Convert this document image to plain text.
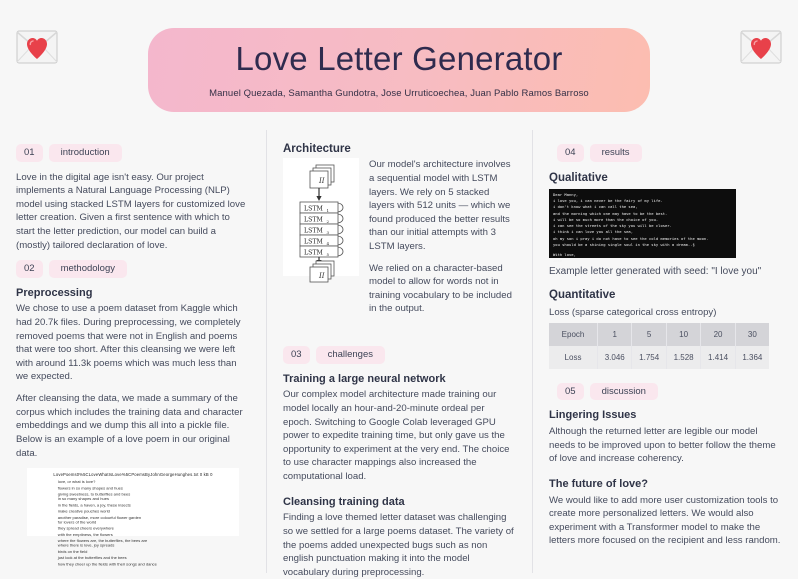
Love Letter Generator
Manuel Quezada, Samantha Gundotra, Jose Urruticoechea, Juan Pablo Ramos Barroso
01	introduction

Love in the digital age isn't easy. Our project implements a Natural Language Processing (NLP) model using stacked LSTM layers for customized love letter creation. Given a first sentence with which to start the letter prediction, our model can build a (mostly) tailored declaration of love.

02	methodology
Preprocessing

We chose to use a poem dataset from Kaggle which had 20.7k files. During preprocessing, we completely removed poems that were not in English and poems that were too short. After this cleansing we were left with around 11.3k poems which was much less than we expected.

After cleansing the data, we made a summary of the corpus which includes the training data and character embeddings and we dump this all into a pickle file. Below is an example of a love poem in our original data.

LovePoems0%5CLoveWhatIsLove%5CPoemsByJohnGeorgeHunghes.txt 0 kB 0
love, or what is love?
flowers in so many shapes and hues
giving sweetness, to butterflies and bees
in so many shapes and hues
in the fields, a haven, a joy, these insects
make creative pouches world
another paradise, more colourful flower garden
for lovers of the world
they spread cheers everywhere
with the emptiness, the flowers
where the flowers are, the butterflies, the bees are
where there is love, joy spreads
birds on the field
just look at the butterflies and the bees
how they cheer up the fields with their songs and dance
Architecture
II
LSTM 1
LSTM 2
LSTM 3
LSTM 4
LSTM 5
II

Our model's architecture involves a sequential model with LSTM layers. We rely on 5 stacked layers with 512 units — which we found produced the better results than our initial attempts with 3 LSTM layers.

We relied on a character-based model to allow for words not in training vocabulary to be included in the output.

03	challenges
Training a large neural network

Our complex model architecture made training our model locally an hour-and-20-minute ordeal per epoch. Switching to Google Colab leveraged GPU power to expedite training time, but only gave us the opportunity to experiment at the very end. The choice to use character mappings also increased the computational load.

Cleansing training data

Finding a love themed letter dataset was challenging so we settled for a large poems dataset. The variety of the poems added unexpected bugs such as non english punctuation making it into the model vocabulary during preprocessing.

04	results
Qualitative
Dear Manny,
i love you, i can never be the fairy of my life.
i don't know what i can call the sea,
and the morning which one may have to be the best.
i will be so much more than the choice of you.
i can see the streets of the sky you will be closer.
i think i can love you all the sea,
oh my son i pray i do not have to see the cold memories of the moon.
you should be a shining single soul in the sky with a dream..§

With love,
Jose

Example letter generated with seed: "I love you"

Quantitative
Loss (sparse categorical cross entropy)
Epoch	1	5	10	20	30
Loss	3.046	1.754	1.528	1.414	1.364
05	discussion
Lingering Issues

Although the returned letter are legible our model needs to be improved upon to better follow the theme of love and increase coherency.

The future of love?

We would like to add more user customization tools to create more personalized letters. We would also experiment with a Transformer model to make the letters more focused on the recipient and less random.
